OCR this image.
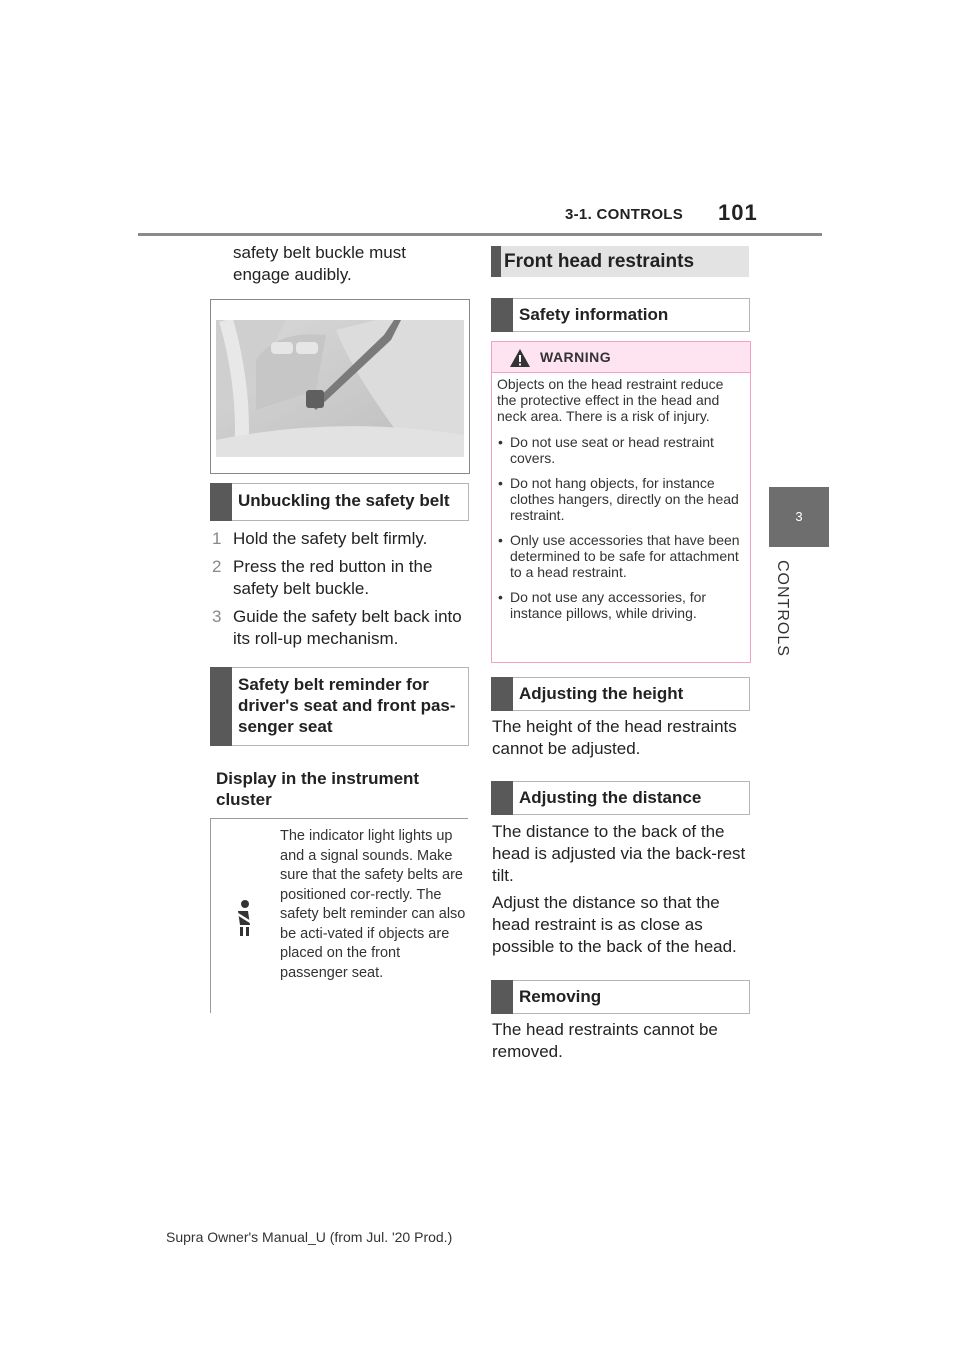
3-1. CONTROLS 101
3
CONTROLS
safety belt buckle must engage audibly.
Unbuckling the safety belt
1 Hold the safety belt firmly.
2 Press the red button in the safety belt buckle.
3 Guide the safety belt back into its roll-up mechanism.
Safety belt reminder for driver's seat and front pas-senger seat
Display in the instrument cluster
The indicator light lights up and a signal sounds. Make sure that the safety belts are positioned cor-rectly. The safety belt reminder can also be acti-vated if objects are placed on the front passenger seat.
Front head restraints
Safety information
WARNING
Objects on the head restraint reduce the protective effect in the head and neck area. There is a risk of injury.
• Do not use seat or head restraint covers.
• Do not hang objects, for instance clothes hangers, directly on the head restraint.
• Only use accessories that have been determined to be safe for attachment to a head restraint.
• Do not use any accessories, for instance pillows, while driving.
Adjusting the height
The height of the head restraints cannot be adjusted.
Adjusting the distance
The distance to the back of the head is adjusted via the back-rest tilt.
Adjust the distance so that the head restraint is as close as possible to the back of the head.
Removing
The head restraints cannot be removed.
Supra Owner's Manual_U (from Jul. '20 Prod.)
